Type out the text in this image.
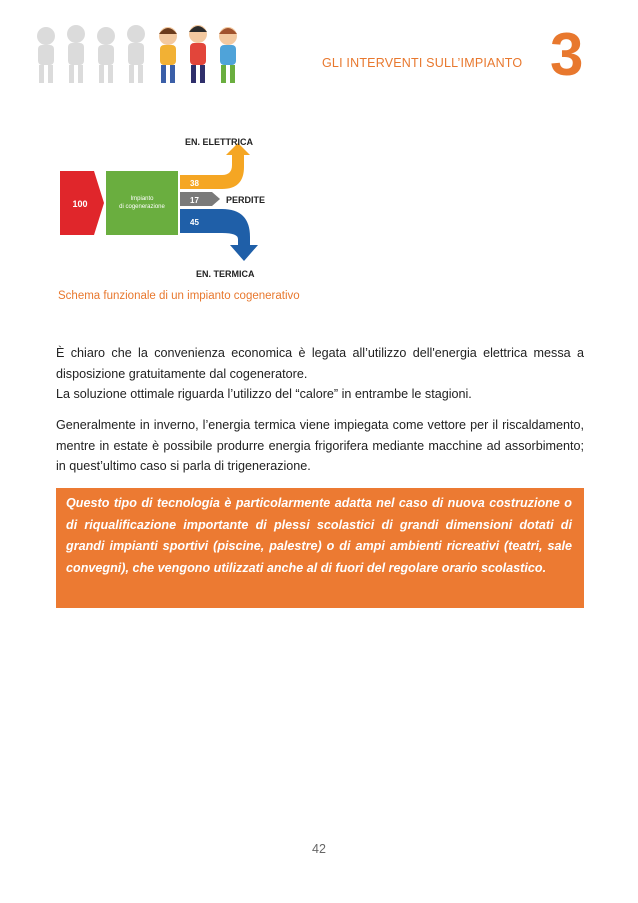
GLI INTERVENTI SULL’IMPIANTO 3
100	Impianto
di cogenerazione
38
17
45
EN. ELETTRICA
PERDITE
EN. TERMICA
Schema funzionale di un impianto cogenerativo
È chiaro che la convenienza economica è legata all’utilizzo dell'energia elettrica messa a disposizione gratuitamente dal cogeneratore.
La soluzione ottimale riguarda l’utilizzo del “calore” in entrambe le stagioni.
Generalmente in inverno, l’energia termica viene impiegata come vettore per il riscaldamento, mentre in estate è possibile produrre energia frigorifera mediante macchine ad assorbimento; in quest’ultimo caso si parla di trigenerazione.
Questo tipo di tecnologia è particolarmente adatta nel caso di nuova costruzione o di riqualificazione importante di plessi scolastici di grandi dimensioni dotati di grandi impianti sportivi (piscine, palestre) o di ampi ambienti ricreativi (teatri, sale convegni), che vengono utilizzati anche al di fuori del regolare orario scolastico.
42
